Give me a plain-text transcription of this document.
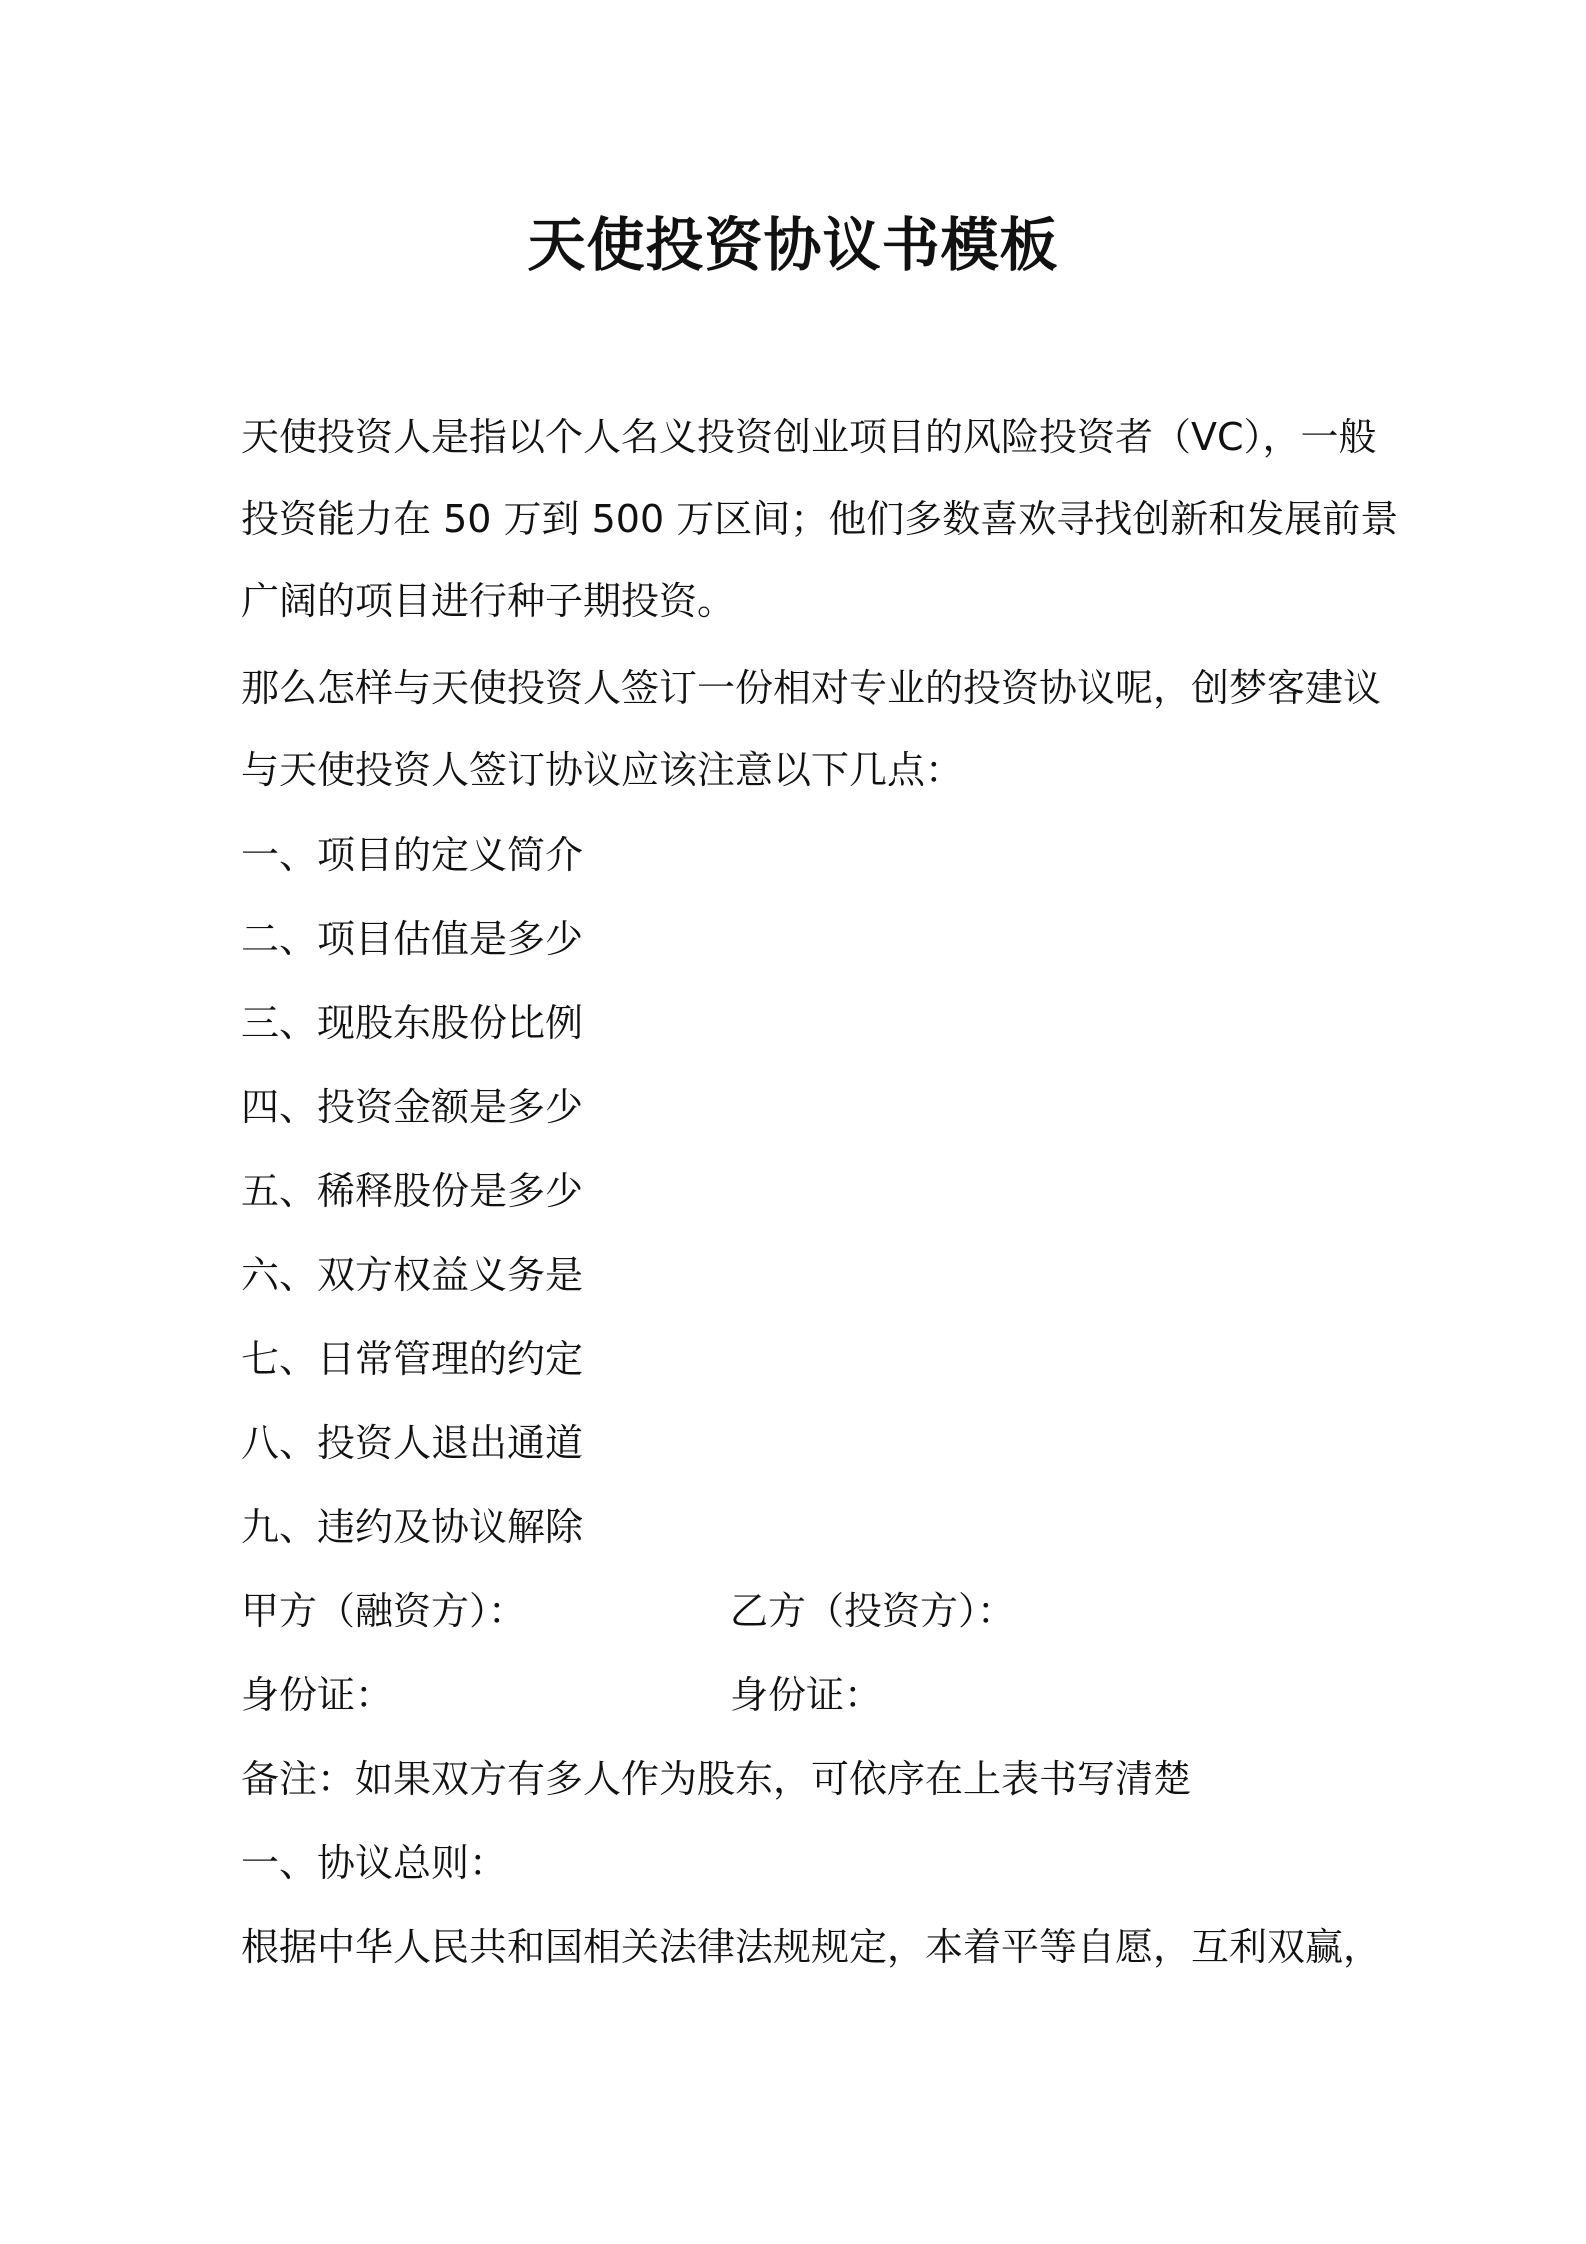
天使投资协议书模板

天使投资人是指以个人名义投资创业项目的风险投资者（VC），一般

投资能力在 50 万到 500 万区间；他们多数喜欢寻找创新和发展前景

广阔的项目进行种子期投资。

那么怎样与天使投资人签订一份相对专业的投资协议呢，创梦客建议

与天使投资人签订协议应该注意以下几点：

一、项目的定义简介

二、项目估值是多少

三、现股东股份比例

四、投资金额是多少

五、稀释股份是多少

六、双方权益义务是

七、日常管理的约定

八、投资人退出通道

九、违约及协议解除

甲方（融资方）：	乙方（投资方）：

身份证：	身份证：

备注：如果双方有多人作为股东，可依序在上表书写清楚

一、协议总则：

根据中华人民共和国相关法律法规规定，本着平等自愿，互利双赢，
